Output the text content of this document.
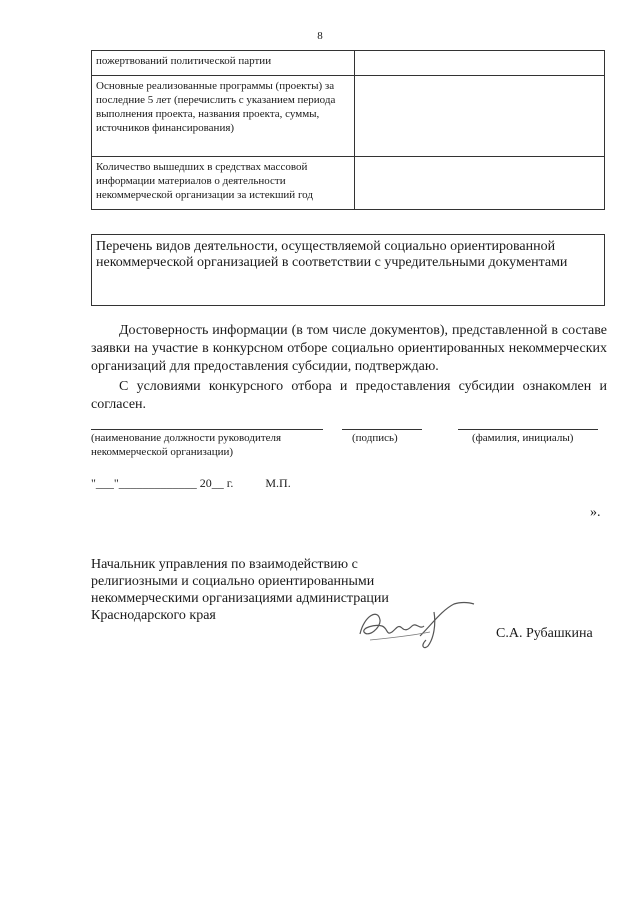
8
пожертвований политической партии	
Основные реализованные программы (проекты) за последние 5 лет (перечислить с указанием периода выполнения проекта, названия проекта, суммы, источников финансирования)	
Количество вышедших в средствах массовой информации материалов о деятельности некоммерческой организации за истекший год	
Перечень видов деятельности, осуществляемой социально ориентированной некоммерческой организацией в соответствии с учредительными документами
Достоверность информации (в том числе документов), представленной в составе заявки на участие в конкурсном отборе социально ориентированных некоммерческих организаций для предоставления субсидии, подтверждаю.
С условиями конкурсного отбора и предоставления субсидии ознакомлен и согласен.
(наименование должности руководителя некоммерческой организации)
(подпись)	(фамилия, инициалы)
"___"_____________ 20__ г.	М.П.
».
Начальник управления по взаимодействию с религиозными и социально ориентированными некоммерческими организациями администрации Краснодарского края
С.А. Рубашкина
